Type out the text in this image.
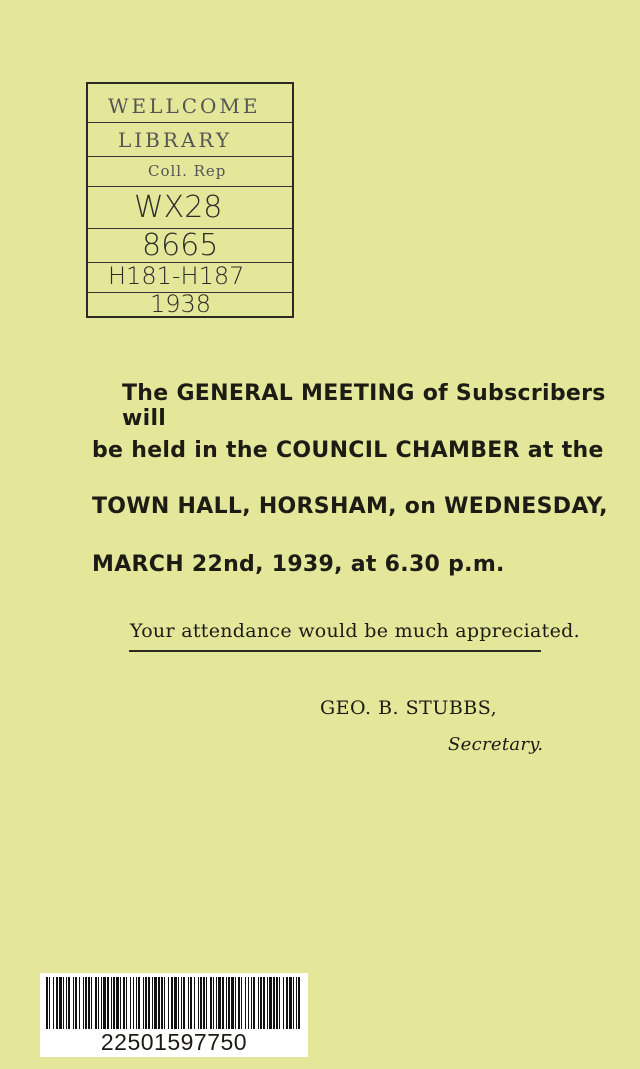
WELLCOME
LIBRARY
Coll. Rep
WX28
8665
H181-H187
1938
The GENERAL MEETING of Subscribers will
be held in the COUNCIL CHAMBER at the
TOWN HALL, HORSHAM, on WEDNESDAY,
MARCH 22nd, 1939, at 6.30 p.m.
Your attendance would be much appreciated.
GEO. B. STUBBS,
Secretary.
22501597750
